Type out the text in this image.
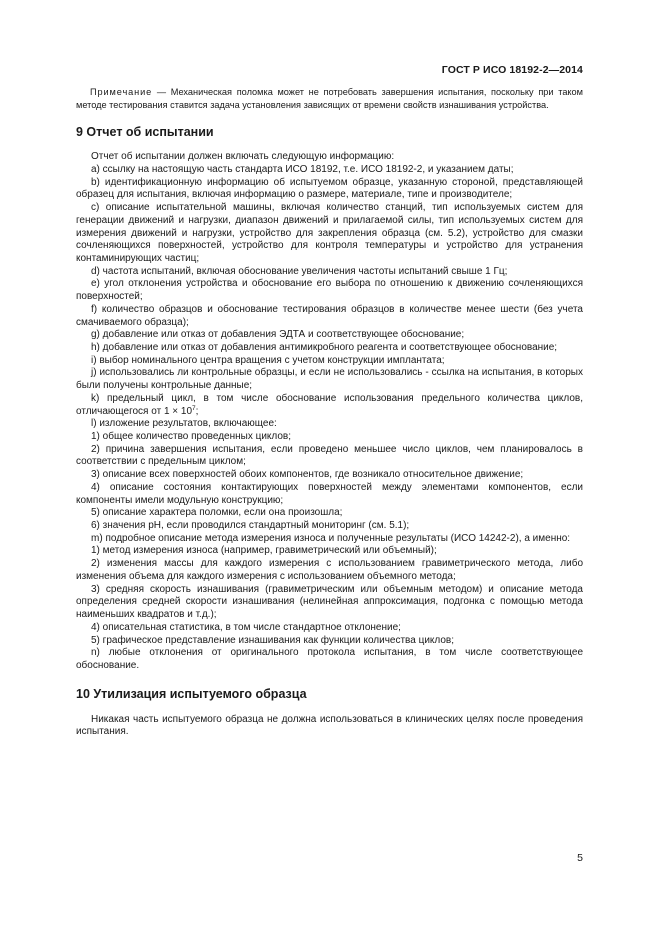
ГОСТ Р ИСО 18192-2—2014

Примечание — Механическая поломка может не потребовать завершения испытания, поскольку при таком методе тестирования ставится задача установления зависящих от времени свойств изнашивания устройства.

9 Отчет об испытании

Отчет об испытании должен включать следующую информацию:

а) ссылку на настоящую часть стандарта ИСО 18192, т.е. ИСО 18192-2, и указанием даты;

b) идентификационную информацию об испытуемом образце, указанную стороной, представляющей образец для испытания, включая информацию о размере, материале, типе и производителе;

c) описание испытательной машины, включая количество станций, тип используемых систем для генерации движений и нагрузки, диапазон движений и прилагаемой силы, тип используемых систем для измерения движений и нагрузки, устройство для закрепления образца (см. 5.2), устройство для смазки сочленяющихся поверхностей, устройство для контроля температуры и устройство для устранения контаминирующих частиц;

d) частота испытаний, включая обоснование увеличения частоты испытаний свыше 1 Гц;

e) угол отклонения устройства и обоснование его выбора по отношению к движению сочленяющихся поверхностей;

f) количество образцов и обоснование тестирования образцов в количестве менее шести (без учета смачиваемого образца);

g) добавление или отказ от добавления ЭДТА и соответствующее обоснование;

h) добавление или отказ от добавления антимикробного реагента и соответствующее обоснование;

i) выбор номинального центра вращения с учетом конструкции имплантата;

j) использовались ли контрольные образцы, и если не использовались - ссылка на испытания, в которых были получены контрольные данные;

k) предельный цикл, в том числе обоснование использования предельного количества циклов, отличающегося от $1 \times 10^7$;

l) изложение результатов, включающее:

1) общее количество проведенных циклов;

2) причина завершения испытания, если проведено меньшее число циклов, чем планировалось в соответствии с предельным циклом;

3) описание всех поверхностей обоих компонентов, где возникало относительное движение;

4) описание состояния контактирующих поверхностей между элементами компонентов, если компоненты имели модульную конструкцию;

5) описание характера поломки, если она произошла;

6) значения рН, если проводился стандартный мониторинг (см. 5.1);

m) подробное описание метода измерения износа и полученные результаты (ИСО 14242-2), а именно:

1) метод измерения износа (например, гравиметрический или объемный);

2) изменения массы для каждого измерения с использованием гравиметрического метода, либо изменения объема для каждого измерения с использованием объемного метода;

3) средняя скорость изнашивания (гравиметрическим или объемным методом) и описание метода определения средней скорости изнашивания (нелинейная аппроксимация, подгонка с помощью метода наименьших квадратов и т.д.);

4) описательная статистика, в том числе стандартное отклонение;

5) графическое представление изнашивания как функции количества циклов;

n) любые отклонения от оригинального протокола испытания, в том числе соответствующее обоснование.

10 Утилизация испытуемого образца

Никакая часть испытуемого образца не должна использоваться в клинических целях после проведения испытания.

5
